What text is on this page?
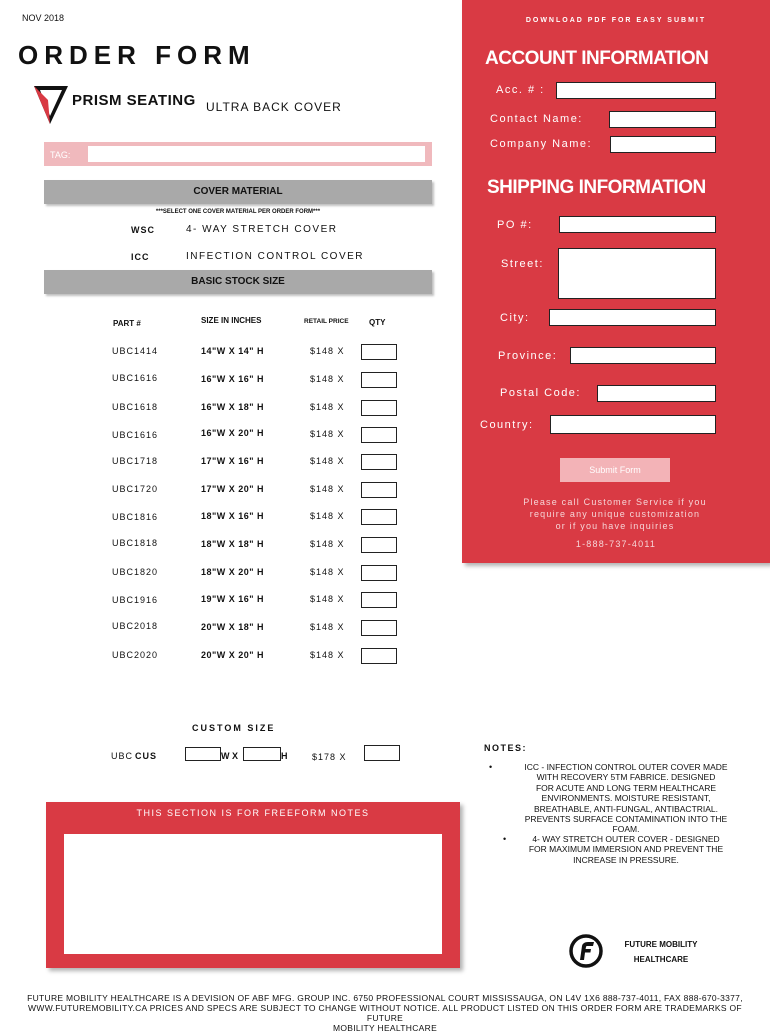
NOV 2018
ORDER FORM
PRISM SEATING ULTRA BACK COVER
TAG:
COVER MATERIAL
***SELECT ONE COVER MATERIAL PER ORDER FORM***
WSC	4- WAY STRETCH COVER
ICC	INFECTION CONTROL COVER
BASIC STOCK SIZE
PART #	SIZE IN INCHES	RETAIL PRICE	QTY
UBC1414	14"W X 14" H	$148 X
UBC1616	16"W X 16" H	$148 X
UBC1618	16"W X 18" H	$148 X
UBC1616	16"W X 20" H	$148 X
UBC1718	17"W X 16" H	$148 X
UBC1720	17"W X 20" H	$148 X
UBC1816	18"W X 16" H	$148 X
UBC1818	18"W X 18" H	$148 X
UBC1820	18"W X 20" H	$148 X
UBC1916	19"W X 16" H	$148 X
UBC2018	20"W X 18" H	$148 X
UBC2020	20"W X 20" H	$148 X
CUSTOM SIZE
UBC CUS	W X	H	$178 X
DOWNLOAD PDF FOR EASY SUBMIT
ACCOUNT INFORMATION
Acc. # :
Contact Name:
Company Name:
SHIPPING INFORMATION
PO #:
Street:
City:
Province:
Postal Code:
Country:
Submit Form
Please call Customer Service if you
require any unique customization
or if you have inquiries
1-888-737-4011
THIS SECTION IS FOR FREEFORM NOTES
NOTES:
•	ICC - INFECTION CONTROL OUTER COVER MADE
WITH RECOVERY 5TM FABRICE. DESIGNED
FOR ACUTE AND LONG TERM HEALTHCARE
ENVIRONMENTS. MOISTURE RESISTANT,
BREATHABLE, ANTI-FUNGAL, ANTIBACTRIAL.
PREVENTS SURFACE CONTAMINATION INTO THE
FOAM.
•	4- WAY STRETCH OUTER COVER - DESIGNED
FOR MAXIMUM IMMERSION AND PREVENT THE
INCREASE IN PRESSURE.
FUTURE MOBILITY
HEALTHCARE
FUTURE MOBILITY HEALTHCARE IS A DEVISION OF ABF MFG. GROUP INC. 6750 PROFESSIONAL COURT MISSISSAUGA, ON L4V 1X6 888-737-4011, FAX 888-670-3377,
WWW.FUTUREMOBILITY.CA PRICES AND SPECS ARE SUBJECT TO CHANGE WITHOUT NOTICE. ALL PRODUCT LISTED ON THIS ORDER FORM ARE TRADEMARKS OF FUTURE
MOBILITY HEALTHCARE
